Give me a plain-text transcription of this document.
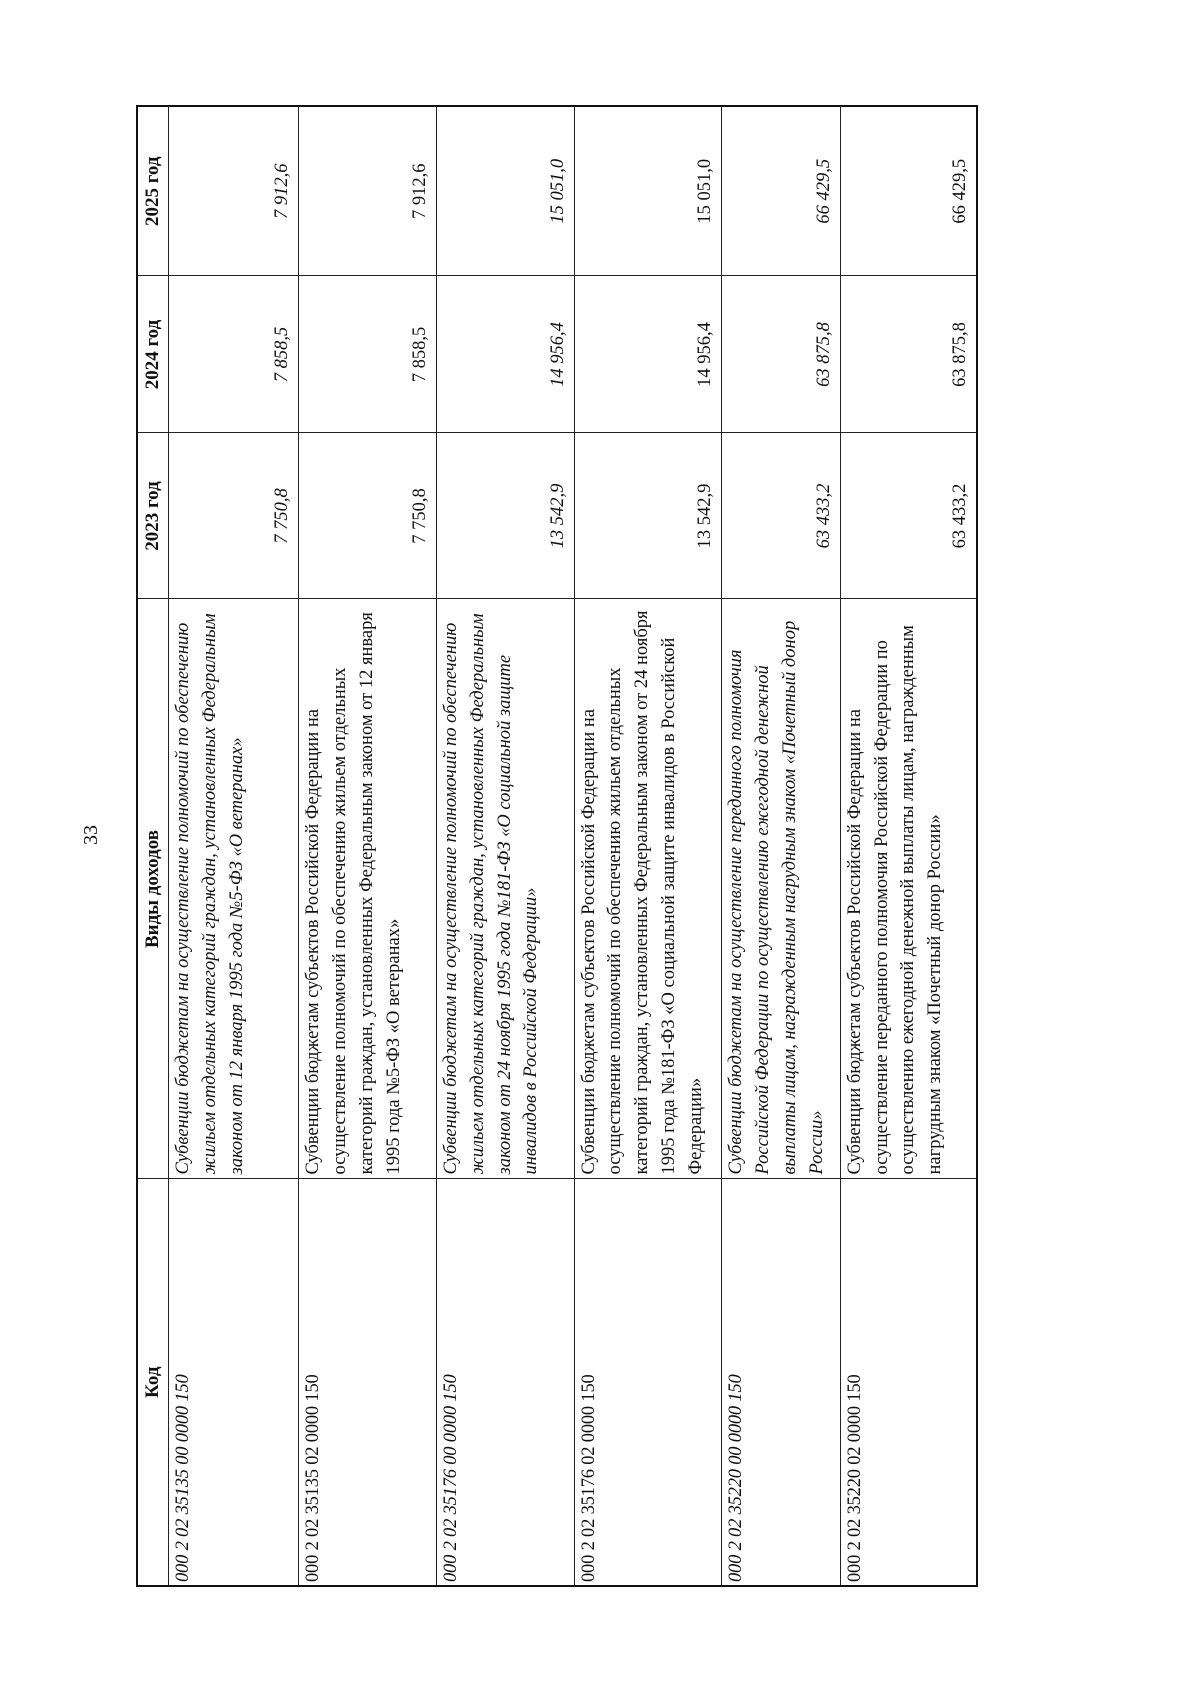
33
Код	Виды доходов	2023 год	2024 год	2025 год
000 2 02 35135 00 0000 150	Субвенции бюджетам на осуществление полномочий по обеспечению жильем отдельных категорий граждан, установленных Федеральным законом от 12 января 1995 года №5-ФЗ «О ветеранах»	7 750,8	7 858,5	7 912,6
000 2 02 35135 02 0000 150	Субвенции бюджетам субъектов Российской Федерации на осуществление полномочий по обеспечению жильем отдельных категорий граждан, установленных Федеральным законом от 12 января 1995 года №5-ФЗ «О ветеранах»	7 750,8	7 858,5	7 912,6
000 2 02 35176 00 0000 150	Субвенции бюджетам на осуществление полномочий по обеспечению жильем отдельных категорий граждан, установленных Федеральным законом от 24 ноября 1995 года №181-ФЗ «О социальной защите инвалидов в Российской Федерации»	13 542,9	14 956,4	15 051,0
000 2 02 35176 02 0000 150	Субвенции бюджетам субъектов Российской Федерации на осуществление полномочий по обеспечению жильем отдельных категорий граждан, установленных Федеральным законом от 24 ноября 1995 года №181-ФЗ «О социальной защите инвалидов в Российской Федерации»	13 542,9	14 956,4	15 051,0
000 2 02 35220 00 0000 150	Субвенции бюджетам на осуществление переданного полномочия Российской Федерации по осуществлению ежегодной денежной выплаты лицам, награжденным нагрудным знаком «Почетный донор России»	63 433,2	63 875,8	66 429,5
000 2 02 35220 02 0000 150	Субвенции бюджетам субъектов Российской Федерации на осуществление переданного полномочия Российской Федерации по осуществлению ежегодной денежной выплаты лицам, награжденным нагрудным знаком «Почетный донор России»	63 433,2	63 875,8	66 429,5
